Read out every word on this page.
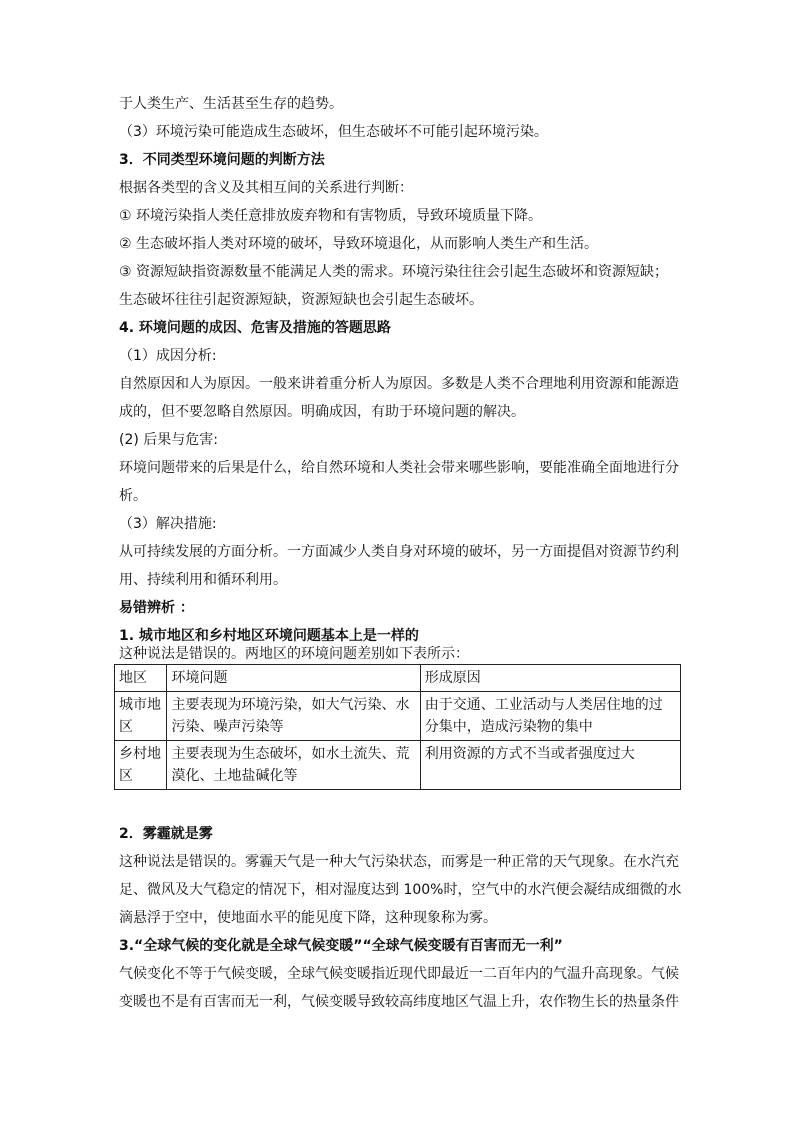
于人类生产、生活甚至生存的趋势。
（3）环境污染可能造成生态破坏，但生态破坏不可能引起环境污染。
3．不同类型环境问题的判断方法
根据各类型的含义及其相互间的关系进行判断：
① 环境污染指人类任意排放废弃物和有害物质，导致环境质量下降。
② 生态破坏指人类对环境的破坏，导致环境退化，从而影响人类生产和生活。
③ 资源短缺指资源数量不能满足人类的需求。环境污染往往会引起生态破坏和资源短缺；
生态破坏往往引起资源短缺，资源短缺也会引起生态破坏。
4. 环境问题的成因、危害及措施的答题思路
（1）成因分析:
自然原因和人为原因。一般来讲着重分析人为原因。多数是人类不合理地利用资源和能源造
成的，但不要忽略自然原因。明确成因，有助于环境问题的解决。
(2) 后果与危害:
环境问题带来的后果是什么，给自然环境和人类社会带来哪些影响，要能准确全面地进行分
析。
（3）解决措施:
从可持续发展的方面分析。一方面减少人类自身对环境的破坏，另一方面提倡对资源节约利
用、持续利用和循环利用。
易错辨析 ：
1. 城市地区和乡村地区环境问题基本上是一样的
这种说法是错误的。两地区的环境问题差别如下表所示：
地区	环境问题	形成原因
城市地区	主要表现为环境污染，如大气污染、水污染、噪声污染等	由于交通、工业活动与人类居住地的过分集中，造成污染物的集中
乡村地区	主要表现为生态破坏，如水土流失、荒漠化、土地盐碱化等	利用资源的方式不当或者强度过大
2．雾霾就是雾
这种说法是错误的。雾霾天气是一种大气污染状态，而雾是一种正常的天气现象。在水汽充
足、微风及大气稳定的情况下，相对湿度达到 100%时，空气中的水汽便会凝结成细微的水
滴悬浮于空中，使地面水平的能见度下降，这种现象称为雾。
3.“全球气候的变化就是全球气候变暖”“全球气候变暖有百害而无一利”
气候变化不等于气候变暖，全球气候变暖指近现代即最近一二百年内的气温升高现象。气候
变暖也不是有百害而无一利，气候变暖导致较高纬度地区气温上升，农作物生长的热量条件
